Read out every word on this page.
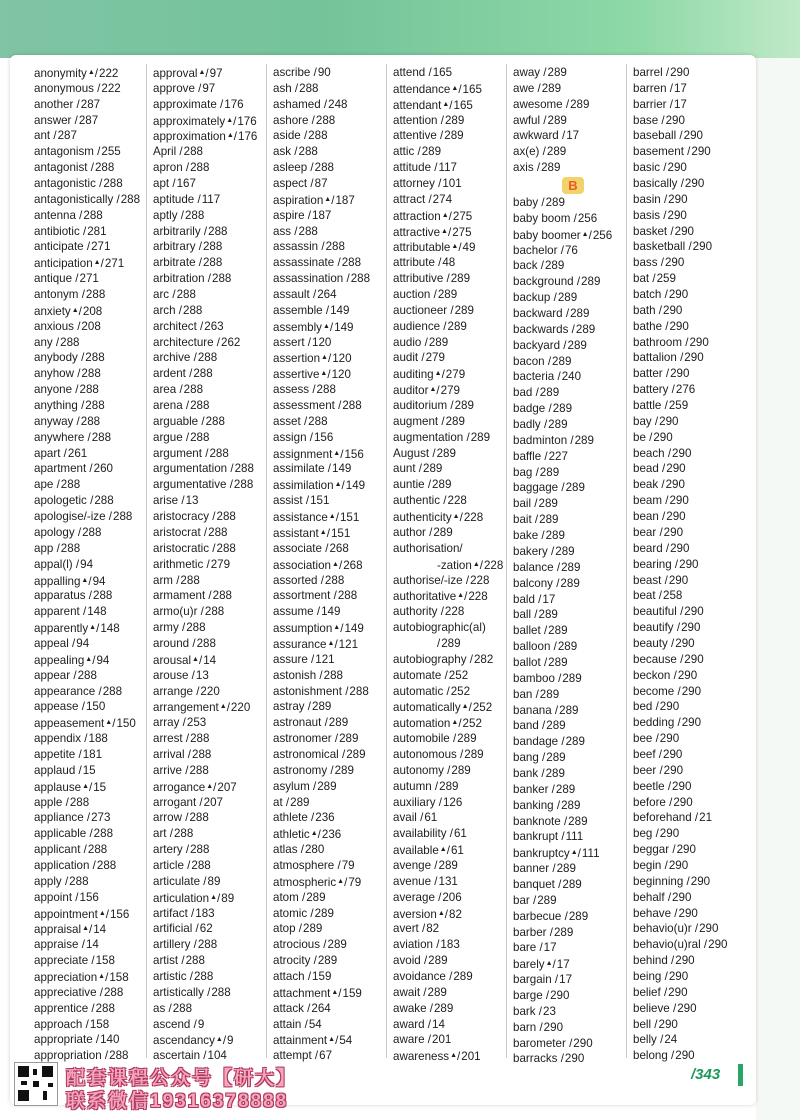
anonymity▲/222
anonymous /222
another /287
answer /287
ant /287
antagonism /255
antagonist /288
antagonistic /288
antagonistically /288
antenna /288
antibiotic /281
anticipate /271
anticipation▲/271
antique /271
antonym /288
anxiety▲/208
anxious /208
any /288
anybody /288
anyhow /288
anyone /288
anything /288
anyway /288
anywhere /288
apart /261
apartment /260
ape /288
apologetic /288
apologise/-ize /288
apology /288
app /288
appal(l) /94
appalling▲/94
apparatus /288
apparent /148
apparently▲/148
appeal /94
appealing▲/94
appear /288
appearance /288
appease /150
appeasement▲/150
appendix /188
appetite /181
applaud /15
applause▲/15
apple /288
appliance /273
applicable /288
applicant /288
application /288
apply /288
appoint /156
appointment▲/156
appraisal▲/14
appraise /14
appreciate /158
appreciation▲/158
appreciative /288
apprentice /288
approach /158
appropriate /140
appropriation /288
approval▲/97
approve /97
approximate /176
approximately▲/176
approximation▲/176
April /288
apron /288
apt /167
aptitude /117
aptly /288
arbitrarily /288
arbitrary /288
arbitrate /288
arbitration /288
arc /288
arch /288
architect /263
architecture /262
archive /288
ardent /288
area /288
arena /288
arguable /288
argue /288
argument /288
argumentation /288
argumentative /288
arise /13
aristocracy /288
aristocrat /288
aristocratic /288
arithmetic /279
arm /288
armament /288
armo(u)r /288
army /288
around /288
arousal▲/14
arouse /13
arrange /220
arrangement▲/220
array /253
arrest /288
arrival /288
arrive /288
arrogance▲/207
arrogant /207
arrow /288
art /288
artery /288
article /288
articulate /89
articulation▲/89
artifact /183
artificial /62
artillery /288
artist /288
artistic /288
artistically /288
as /288
ascend /9
ascendancy▲/9
ascertain /104
ascribe /90
ash /288
ashamed /248
ashore /288
aside /288
ask /288
asleep /288
aspect /87
aspiration▲/187
aspire /187
ass /288
assassin /288
assassinate /288
assassination /288
assault /264
assemble /149
assembly▲/149
assert /120
assertion▲/120
assertive▲/120
assess /288
assessment /288
asset /288
assign /156
assignment▲/156
assimilate /149
assimilation▲/149
assist /151
assistance▲/151
assistant▲/151
associate /268
association▲/268
assorted /288
assortment /288
assume /149
assumption▲/149
assurance▲/121
assure /121
astonish /288
astonishment /288
astray /289
astronaut /289
astronomer /289
astronomical /289
astronomy /289
asylum /289
at /289
athlete /236
athletic▲/236
atlas /280
atmosphere /79
atmospheric▲/79
atom /289
atomic /289
atop /289
atrocious /289
atrocity /289
attach /159
attachment▲/159
attack /264
attain /54
attainment▲/54
attempt /67
attend /165
attendance▲/165
attendant▲/165
attention /289
attentive /289
attic /289
attitude /117
attorney /101
attract /274
attraction▲/275
attractive▲/275
attributable▲/49
attribute /48
attributive /289
auction /289
auctioneer /289
audience /289
audio /289
audit /279
auditing▲/279
auditor▲/279
auditorium /289
augment /289
augmentation /289
August /289
aunt /289
auntie /289
authentic /228
authenticity▲/228
author /289
authorisation/
-zation▲/228
authorise/-ize /228
authoritative▲/228
authority /228
autobiographic(al)
/289
autobiography /282
automate /252
automatic /252
automatically▲/252
automation▲/252
automobile /289
autonomous /289
autonomy /289
autumn /289
auxiliary /126
avail /61
availability /61
available▲/61
avenge /289
avenue /131
average /206
aversion▲/82
avert /82
aviation /183
avoid /289
avoidance /289
await /289
awake /289
award /14
aware /201
awareness▲/201
away /289
awe /289
awesome /289
awful /289
awkward /17
ax(e) /289
axis /289
B
baby /289
baby boom /256
baby boomer▲/256
bachelor /76
back /289
background /289
backup /289
backward /289
backwards /289
backyard /289
bacon /289
bacteria /240
bad /289
badge /289
badly /289
badminton /289
baffle /227
bag /289
baggage /289
bail /289
bait /289
bake /289
bakery /289
balance /289
balcony /289
bald /17
ball /289
ballet /289
balloon /289
ballot /289
bamboo /289
ban /289
banana /289
band /289
bandage /289
bang /289
bank /289
banker /289
banking /289
banknote /289
bankrupt /111
bankruptcy▲/111
banner /289
banquet /289
bar /289
barbecue /289
barber /289
bare /17
barely▲/17
bargain /17
barge /290
bark /23
barn /290
barometer /290
barracks /290
barrel /290
barren /17
barrier /17
base /290
baseball /290
basement /290
basic /290
basically /290
basin /290
basis /290
basket /290
basketball /290
bass /290
bat /259
batch /290
bath /290
bathe /290
bathroom /290
battalion /290
batter /290
battery /276
battle /259
bay /290
be /290
beach /290
bead /290
beak /290
beam /290
bean /290
bear /290
beard /290
bearing /290
beast /290
beat /258
beautiful /290
beautify /290
beauty /290
because /290
beckon /290
become /290
bed /290
bedding /290
bee /290
beef /290
beer /290
beetle /290
before /290
beforehand /21
beg /290
beggar /290
begin /290
beginning /290
behalf /290
behave /290
behavio(u)r /290
behavio(u)ral /290
behind /290
being /290
belief /290
believe /290
bell /290
belly /24
belong /290
配套课程公众号【研大】
联系微信19316378888
/343
